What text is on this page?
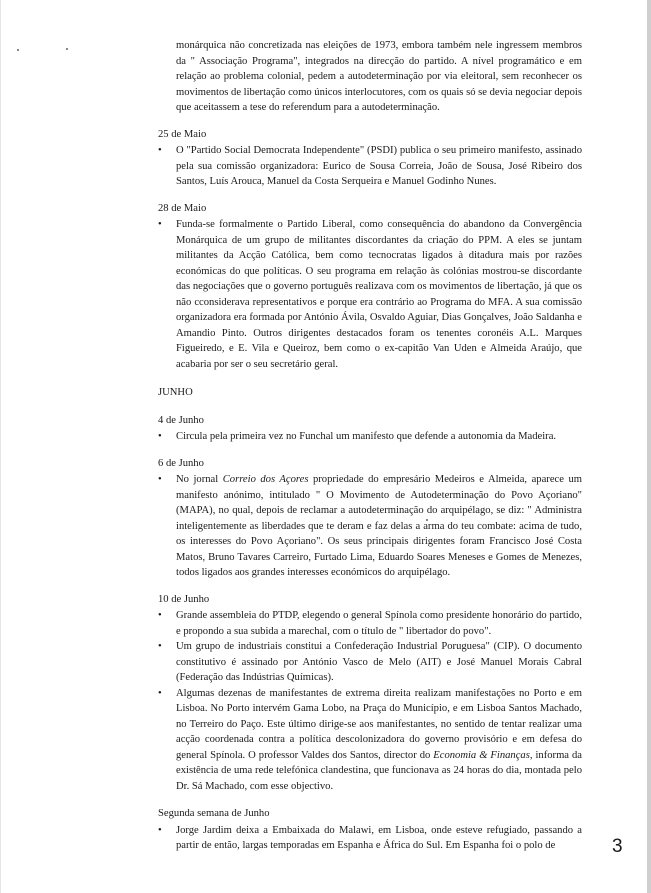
monárquica não concretizada nas eleições de 1973, embora também nele ingressem membros da " Associação Programa", integrados na direcção do partido. A nível programático e em relação ao problema colonial, pedem a autodeterminação por via eleitoral, sem reconhecer os movimentos de libertação como únicos interlocutores, com os quais só se devia negociar depois que aceitassem a tese do referendum para a autodeterminação.
25 de Maio
•	O "Partido Social Democrata Independente" (PSDI) publica o seu primeiro manifesto, assinado pela sua comissão organizadora: Eurico de Sousa Correia, João de Sousa, José Ribeiro dos Santos, Luís Arouca, Manuel da Costa Serqueira e Manuel Godinho Nunes.
28 de Maio
•	Funda-se formalmente o Partido Liberal, como consequência do abandono da Convergência Monárquica de um grupo de militantes discordantes da criação do PPM. A eles se juntam militantes da Acção Católica, bem como tecnocratas ligados à ditadura mais por razões económicas do que políticas. O seu programa em relação às colónias mostrou-se discordante das negociações que o governo português realizava com os movimentos de libertação, já que os não cconsiderava representativos e porque era contrário ao Programa do MFA. A sua comissão organizadora era formada por António Ávila, Osvaldo Aguiar, Dias Gonçalves, João Saldanha e Amandio Pinto. Outros dirigentes destacados foram os tenentes coronéis A.L. Marques Figueiredo, e E. Vila e Queiroz, bem como o ex-capitão Van Uden e Almeida Araújo, que acabaria por ser o seu secretário geral.
JUNHO
4 de Junho
•	Circula pela primeira vez no Funchal um manifesto que defende a autonomia da Madeira.
6 de Junho
•	No jornal Correio dos Açores propriedade do empresário Medeiros e Almeida, aparece um manifesto anónimo, intitulado " O Movimento de Autodeterminação do Povo Açoriano" (MAPA), no qual, depois de reclamar a autodeterminação do arquipélago, se diz: " Administra inteligentemente as liberdades que te deram e faz delas a arma do teu combate: acima de tudo, os interesses do Povo Açoriano". Os seus principais dirigentes foram Francisco José Costa Matos, Bruno Tavares Carreiro, Furtado Lima, Eduardo Soares Meneses e Gomes de Menezes, todos ligados aos grandes interesses económicos do arquipélago.
10 de Junho
•	Grande assembleia do PTDP, elegendo o general Spínola como presidente honorário do partido, e propondo a sua subida a marechal, com o título de " libertador do povo".
•	Um grupo de industriais constitui a Confederação Industrial Poruguesa" (CIP). O documento constitutivo é assinado por António Vasco de Melo (AIT) e José Manuel Morais Cabral (Federação das Indústrias Químicas).
•	Algumas dezenas de manifestantes de extrema direita realizam manifestações no Porto e em Lisboa. No Porto intervém Gama Lobo, na Praça do Município, e em Lisboa Santos Machado, no Terreiro do Paço. Este último dirige-se aos manifestantes, no sentido de tentar realizar uma acção coordenada contra a política descolonizadora do governo provisório e em defesa do general Spínola. O professor Valdes dos Santos, director do Economia & Finanças, informa da existência de uma rede telefónica clandestina, que funcionava as 24 horas do dia, montada pelo Dr. Sá Machado, com esse objectivo.
Segunda semana de Junho
•	Jorge Jardim deixa a Embaixada do Malawi, em Lisboa, onde esteve refugiado, passando a partir de então, largas temporadas em Espanha e África do Sul. Em Espanha foi o polo de	3
